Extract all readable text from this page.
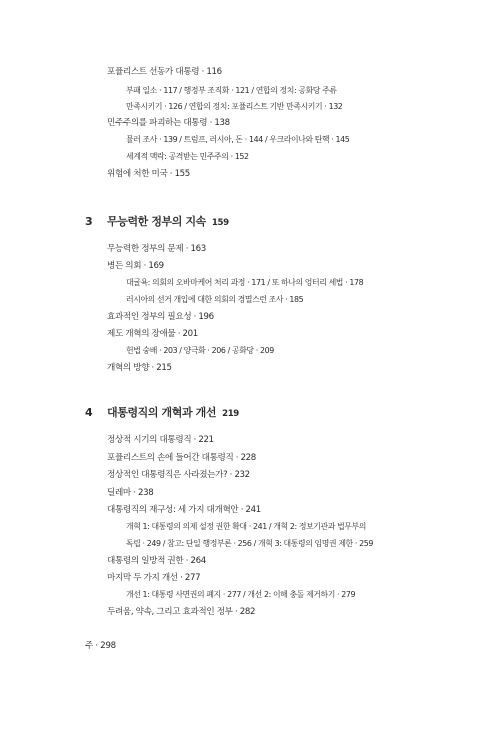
포퓰리스트 선동가 대통령 · 116
부패 일소 · 117 / 행정부 조직화 · 121 / 연합의 정치: 공화당 주류
만족시키기 · 126 / 연합의 정치: 포퓰리스트 기반 만족시키기 · 132
민주주의를 파괴하는 대통령 · 138
뮬러 조사 · 139 / 트럼프, 러시아, 돈 · 144 / 우크라이나와 탄핵 · 145
세계적 맥락: 공격받는 민주주의 · 152
위험에 처한 미국 · 155
3 무능력한 정부의 지속 159
무능력한 정부의 문제 · 163
병든 의회 · 169
대굴욕: 의회의 오바마케어 처리 과정 · 171 / 또 하나의 엉터리 세법 · 178
러시아의 선거 개입에 대한 의회의 경멸스런 조사 · 185
효과적인 정부의 필요성 · 196
제도 개혁의 장애물 · 201
헌법 숭배 · 203 / 양극화 · 206 / 공화당 · 209
개혁의 방향 · 215
4 대통령직의 개혁과 개선 219
정상적 시기의 대통령직 · 221
포퓰리스트의 손에 들어간 대통령직 · 228
정상적인 대통령직은 사라졌는가? · 232
딜레마 · 238
대통령직의 재구성: 세 가지 대개혁안 · 241
개혁 1: 대통령의 의제 설정 권한 확대 · 241 / 개혁 2: 정보기관과 법무부의
독립 · 249 / 참고: 단일 행정부론 · 256 / 개혁 3: 대통령의 임명권 제한 · 259
대통령의 일방적 권한 · 264
마지막 두 가지 개선 · 277
개선 1: 대통령 사면권의 폐지 · 277 / 개선 2: 이해 충돌 제거하기 · 279
두려움, 약속, 그리고 효과적인 정부 · 282
주 · 298
